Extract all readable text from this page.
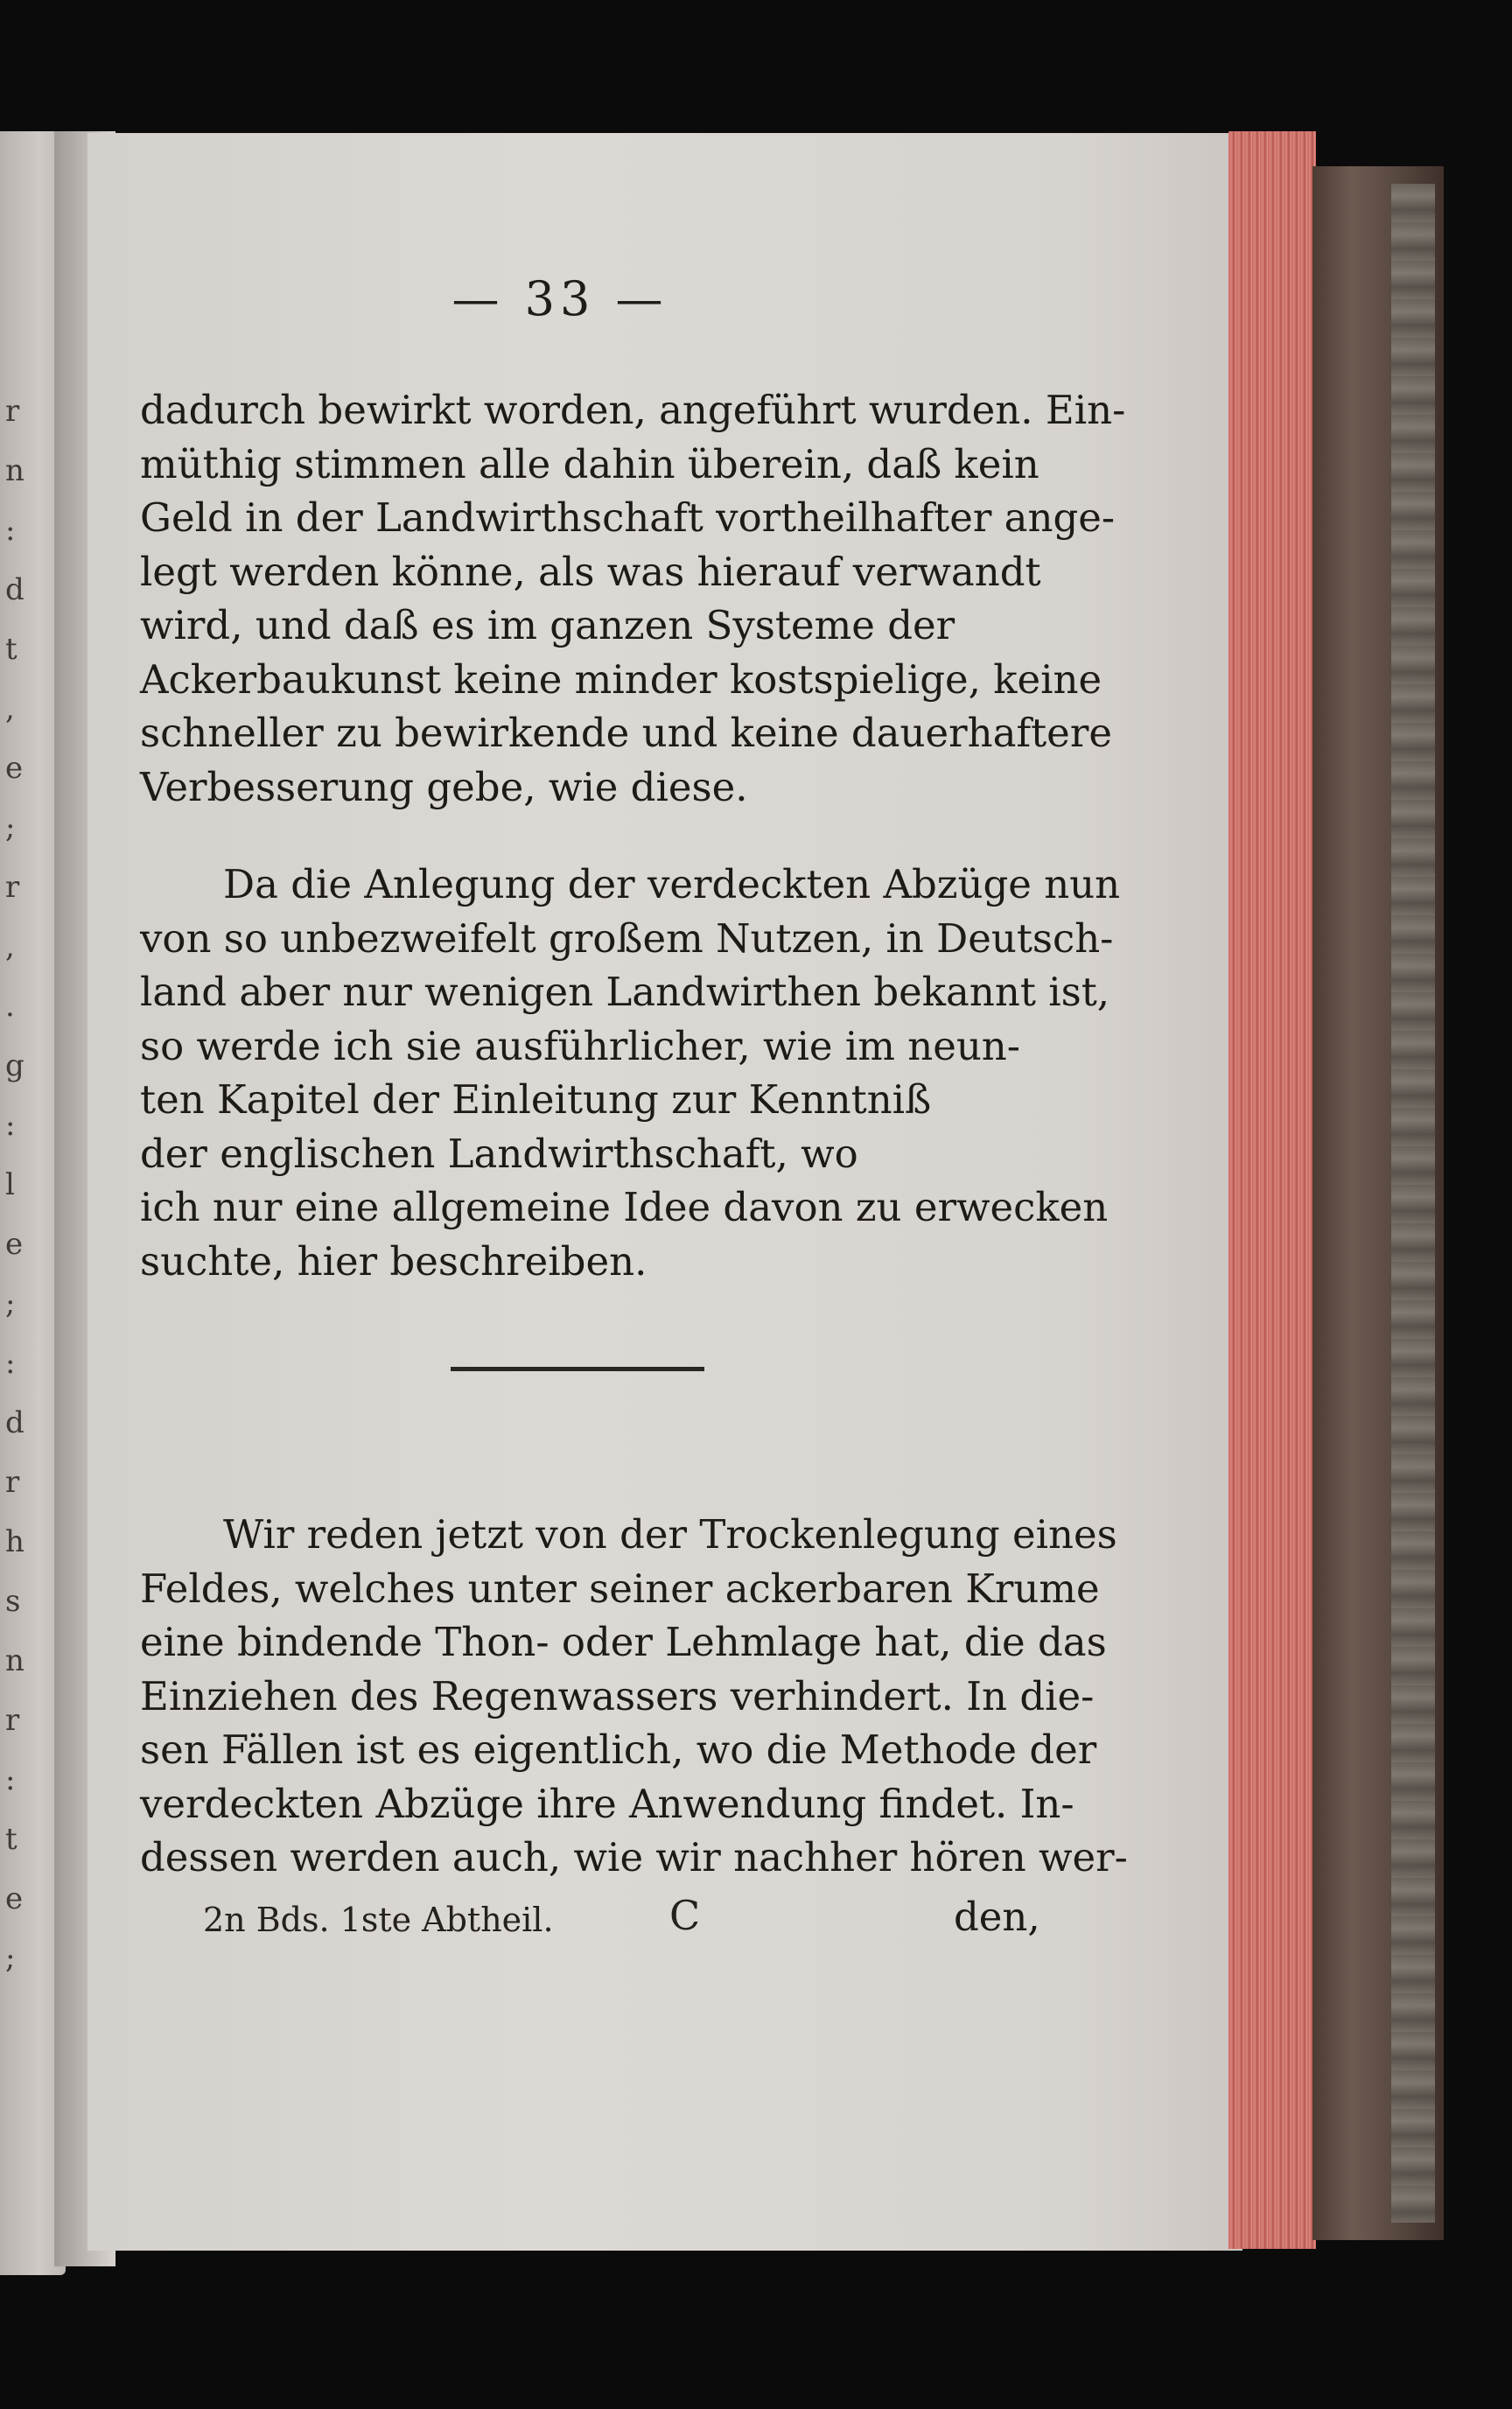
r
n
:
d
t
,
e
;
r
,
.
g
:
l
e
;
:
d
r
h
s
n
r
:
t
e
;
— 33 —
dadurch bewirkt worden, angeführt wurden. Ein-
müthig stimmen alle dahin überein, daß kein
Geld in der Landwirthschaft vortheilhafter ange-
legt werden könne, als was hierauf verwandt
wird, und daß es im ganzen Systeme der
Ackerbaukunst keine minder kostspielige, keine
schneller zu bewirkende und keine dauerhaftere
Verbesserung gebe, wie diese.
Da die Anlegung der verdeckten Abzüge nun
von so unbezweifelt großem Nutzen, in Deutsch-
land aber nur wenigen Landwirthen bekannt ist,
so werde ich sie ausführlicher, wie im neun-
ten Kapitel der Einleitung zur Kenntniß
der englischen Landwirthschaft, wo
ich nur eine allgemeine Idee davon zu erwecken
suchte, hier beschreiben.
Wir reden jetzt von der Trockenlegung eines
Feldes, welches unter seiner ackerbaren Krume
eine bindende Thon- oder Lehmlage hat, die das
Einziehen des Regenwassers verhindert. In die-
sen Fällen ist es eigentlich, wo die Methode der
verdeckten Abzüge ihre Anwendung findet. In-
dessen werden auch, wie wir nachher hören wer-
2n Bds. 1ste Abtheil.	C	den,
